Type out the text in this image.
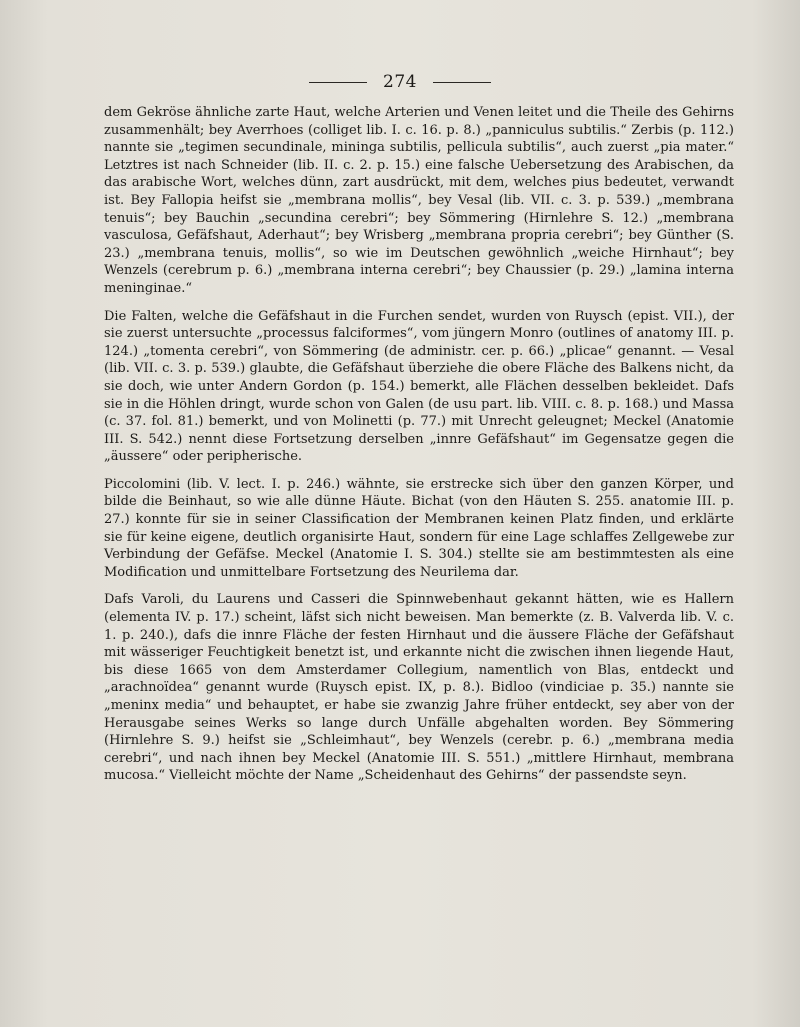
274

dem Gekröse ähnliche zarte Haut, welche Arterien und Venen leitet und die Theile des Gehirns zusammenhält; bey Averrhoes (colliget lib. I. c. 16. p. 8.) „panniculus subtilis.“ Zerbis (p. 112.) nannte sie „tegimen secundinale, mininga subtilis, pellicula subtilis“, auch zuerst „pia mater.“ Letztres ist nach Schneider (lib. II. c. 2. p. 15.) eine falsche Uebersetzung des Arabischen, da das arabische Wort, welches dünn, zart ausdrückt, mit dem, welches pius bedeutet, verwandt ist. Bey Fallopia heifst sie „membrana mollis“, bey Vesal (lib. VII. c. 3. p. 539.) „membrana tenuis“; bey Bauchin „secundina cerebri“; bey Sömmering (Hirnlehre S. 12.) „membrana vasculosa, Gefäfshaut, Aderhaut“; bey Wrisberg „membrana propria cerebri“; bey Günther (S. 23.) „membrana tenuis, mollis“, so wie im Deutschen gewöhnlich „weiche Hirnhaut“; bey Wenzels (cerebrum p. 6.) „membrana interna cerebri“; bey Chaussier (p. 29.) „lamina interna meninginae.“

Die Falten, welche die Gefäfshaut in die Furchen sendet, wurden von Ruysch (epist. VII.), der sie zuerst untersuchte „processus falciformes“, vom jüngern Monro (outlines of anatomy III. p. 124.) „tomenta cerebri“, von Sömmering (de administr. cer. p. 66.) „plicae“ genannt. — Vesal (lib. VII. c. 3. p. 539.) glaubte, die Gefäfshaut überziehe die obere Fläche des Balkens nicht, da sie doch, wie unter Andern Gordon (p. 154.) bemerkt, alle Flächen desselben bekleidet. Dafs sie in die Höhlen dringt, wurde schon von Galen (de usu part. lib. VIII. c. 8. p. 168.) und Massa (c. 37. fol. 81.) bemerkt, und von Molinetti (p. 77.) mit Unrecht geleugnet; Meckel (Anatomie III. S. 542.) nennt diese Fortsetzung derselben „innre Gefäfshaut“ im Gegensatze gegen die „äussere“ oder peripherische.

Piccolomini (lib. V. lect. I. p. 246.) wähnte, sie erstrecke sich über den ganzen Körper, und bilde die Beinhaut, so wie alle dünne Häute. Bichat (von den Häuten S. 255. anatomie III. p. 27.) konnte für sie in seiner Classification der Membranen keinen Platz finden, und erklärte sie für keine eigene, deutlich organisirte Haut, sondern für eine Lage schlaffes Zellgewebe zur Verbindung der Gefäfse. Meckel (Anatomie I. S. 304.) stellte sie am bestimmtesten als eine Modification und unmittelbare Fortsetzung des Neurilema dar.

Dafs Varoli, du Laurens und Casseri die Spinnwebenhaut gekannt hätten, wie es Hallern (elementa IV. p. 17.) scheint, läfst sich nicht beweisen. Man bemerkte (z. B. Valverda lib. V. c. 1. p. 240.), dafs die innre Fläche der festen Hirnhaut und die äussere Fläche der Gefäfshaut mit wässeriger Feuchtigkeit benetzt ist, und erkannte nicht die zwischen ihnen liegende Haut, bis diese 1665 von dem Amsterdamer Collegium, namentlich von Blas, entdeckt und „arachnoïdea“ genannt wurde (Ruysch epist. IX, p. 8.). Bidloo (vindiciae p. 35.) nannte sie „meninx media“ und behauptet, er habe sie zwanzig Jahre früher entdeckt, sey aber von der Herausgabe seines Werks so lange durch Unfälle abgehalten worden. Bey Sömmering (Hirnlehre S. 9.) heifst sie „Schleimhaut“, bey Wenzels (cerebr. p. 6.) „membrana media cerebri“, und nach ihnen bey Meckel (Anatomie III. S. 551.) „mittlere Hirnhaut, membrana mucosa.“ Vielleicht möchte der Name „Scheidenhaut des Gehirns“ der passendste seyn.
